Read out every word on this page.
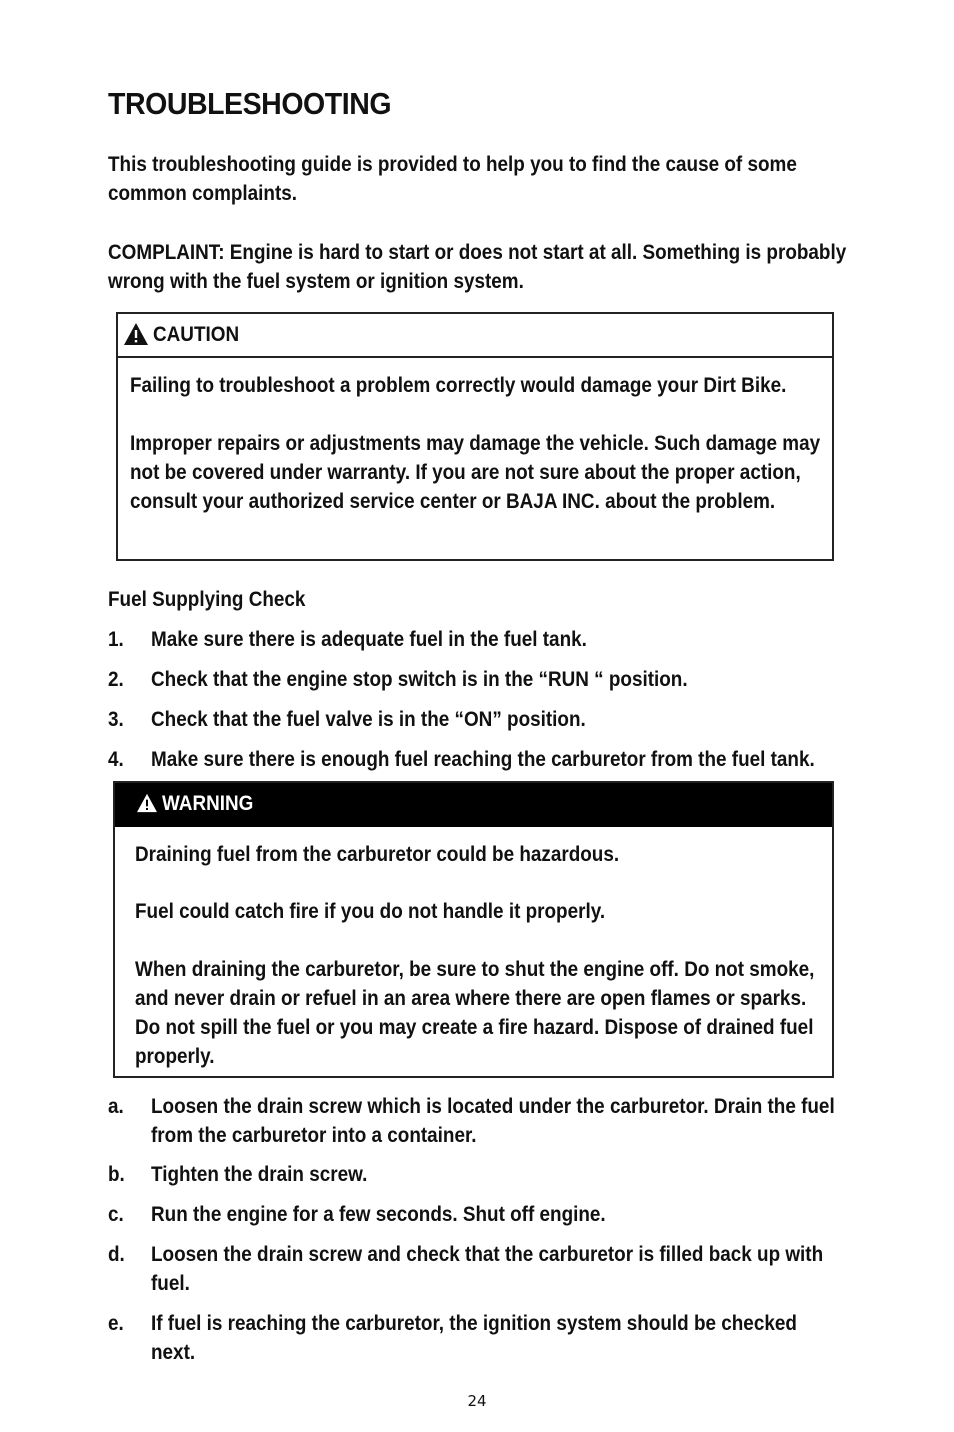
TROUBLESHOOTING
This troubleshooting guide is provided to help you to find the cause of some common complaints.
COMPLAINT: Engine is hard to start or does not start at all. Something is probably wrong with the fuel system or ignition system.
CAUTION
Failing to troubleshoot a problem correctly would damage your Dirt Bike.
Improper repairs or adjustments may damage the vehicle. Such damage may not be covered under warranty. If you are not sure about the proper action, consult your authorized service center or BAJA INC. about the problem.
Fuel Supplying Check
1. Make sure there is adequate fuel in the fuel tank.
2. Check that the engine stop switch is in the “RUN “ position.
3. Check that the fuel valve is in the “ON” position.
4. Make sure there is enough fuel reaching the carburetor from the fuel tank.
WARNING
Draining fuel from the carburetor could be hazardous.
Fuel could catch fire if you do not handle it properly.
When draining the carburetor, be sure to shut the engine off. Do not smoke, and never drain or refuel in an area where there are open flames or sparks. Do not spill the fuel or you may create a fire hazard. Dispose of drained fuel properly.
a. Loosen the drain screw which is located under the carburetor. Drain the fuel from the carburetor into a container.
b. Tighten the drain screw.
c. Run the engine for a few seconds. Shut off engine.
d. Loosen the drain screw and check that the carburetor is filled back up with fuel.
e. If fuel is reaching the carburetor, the ignition system should be checked next.
24
